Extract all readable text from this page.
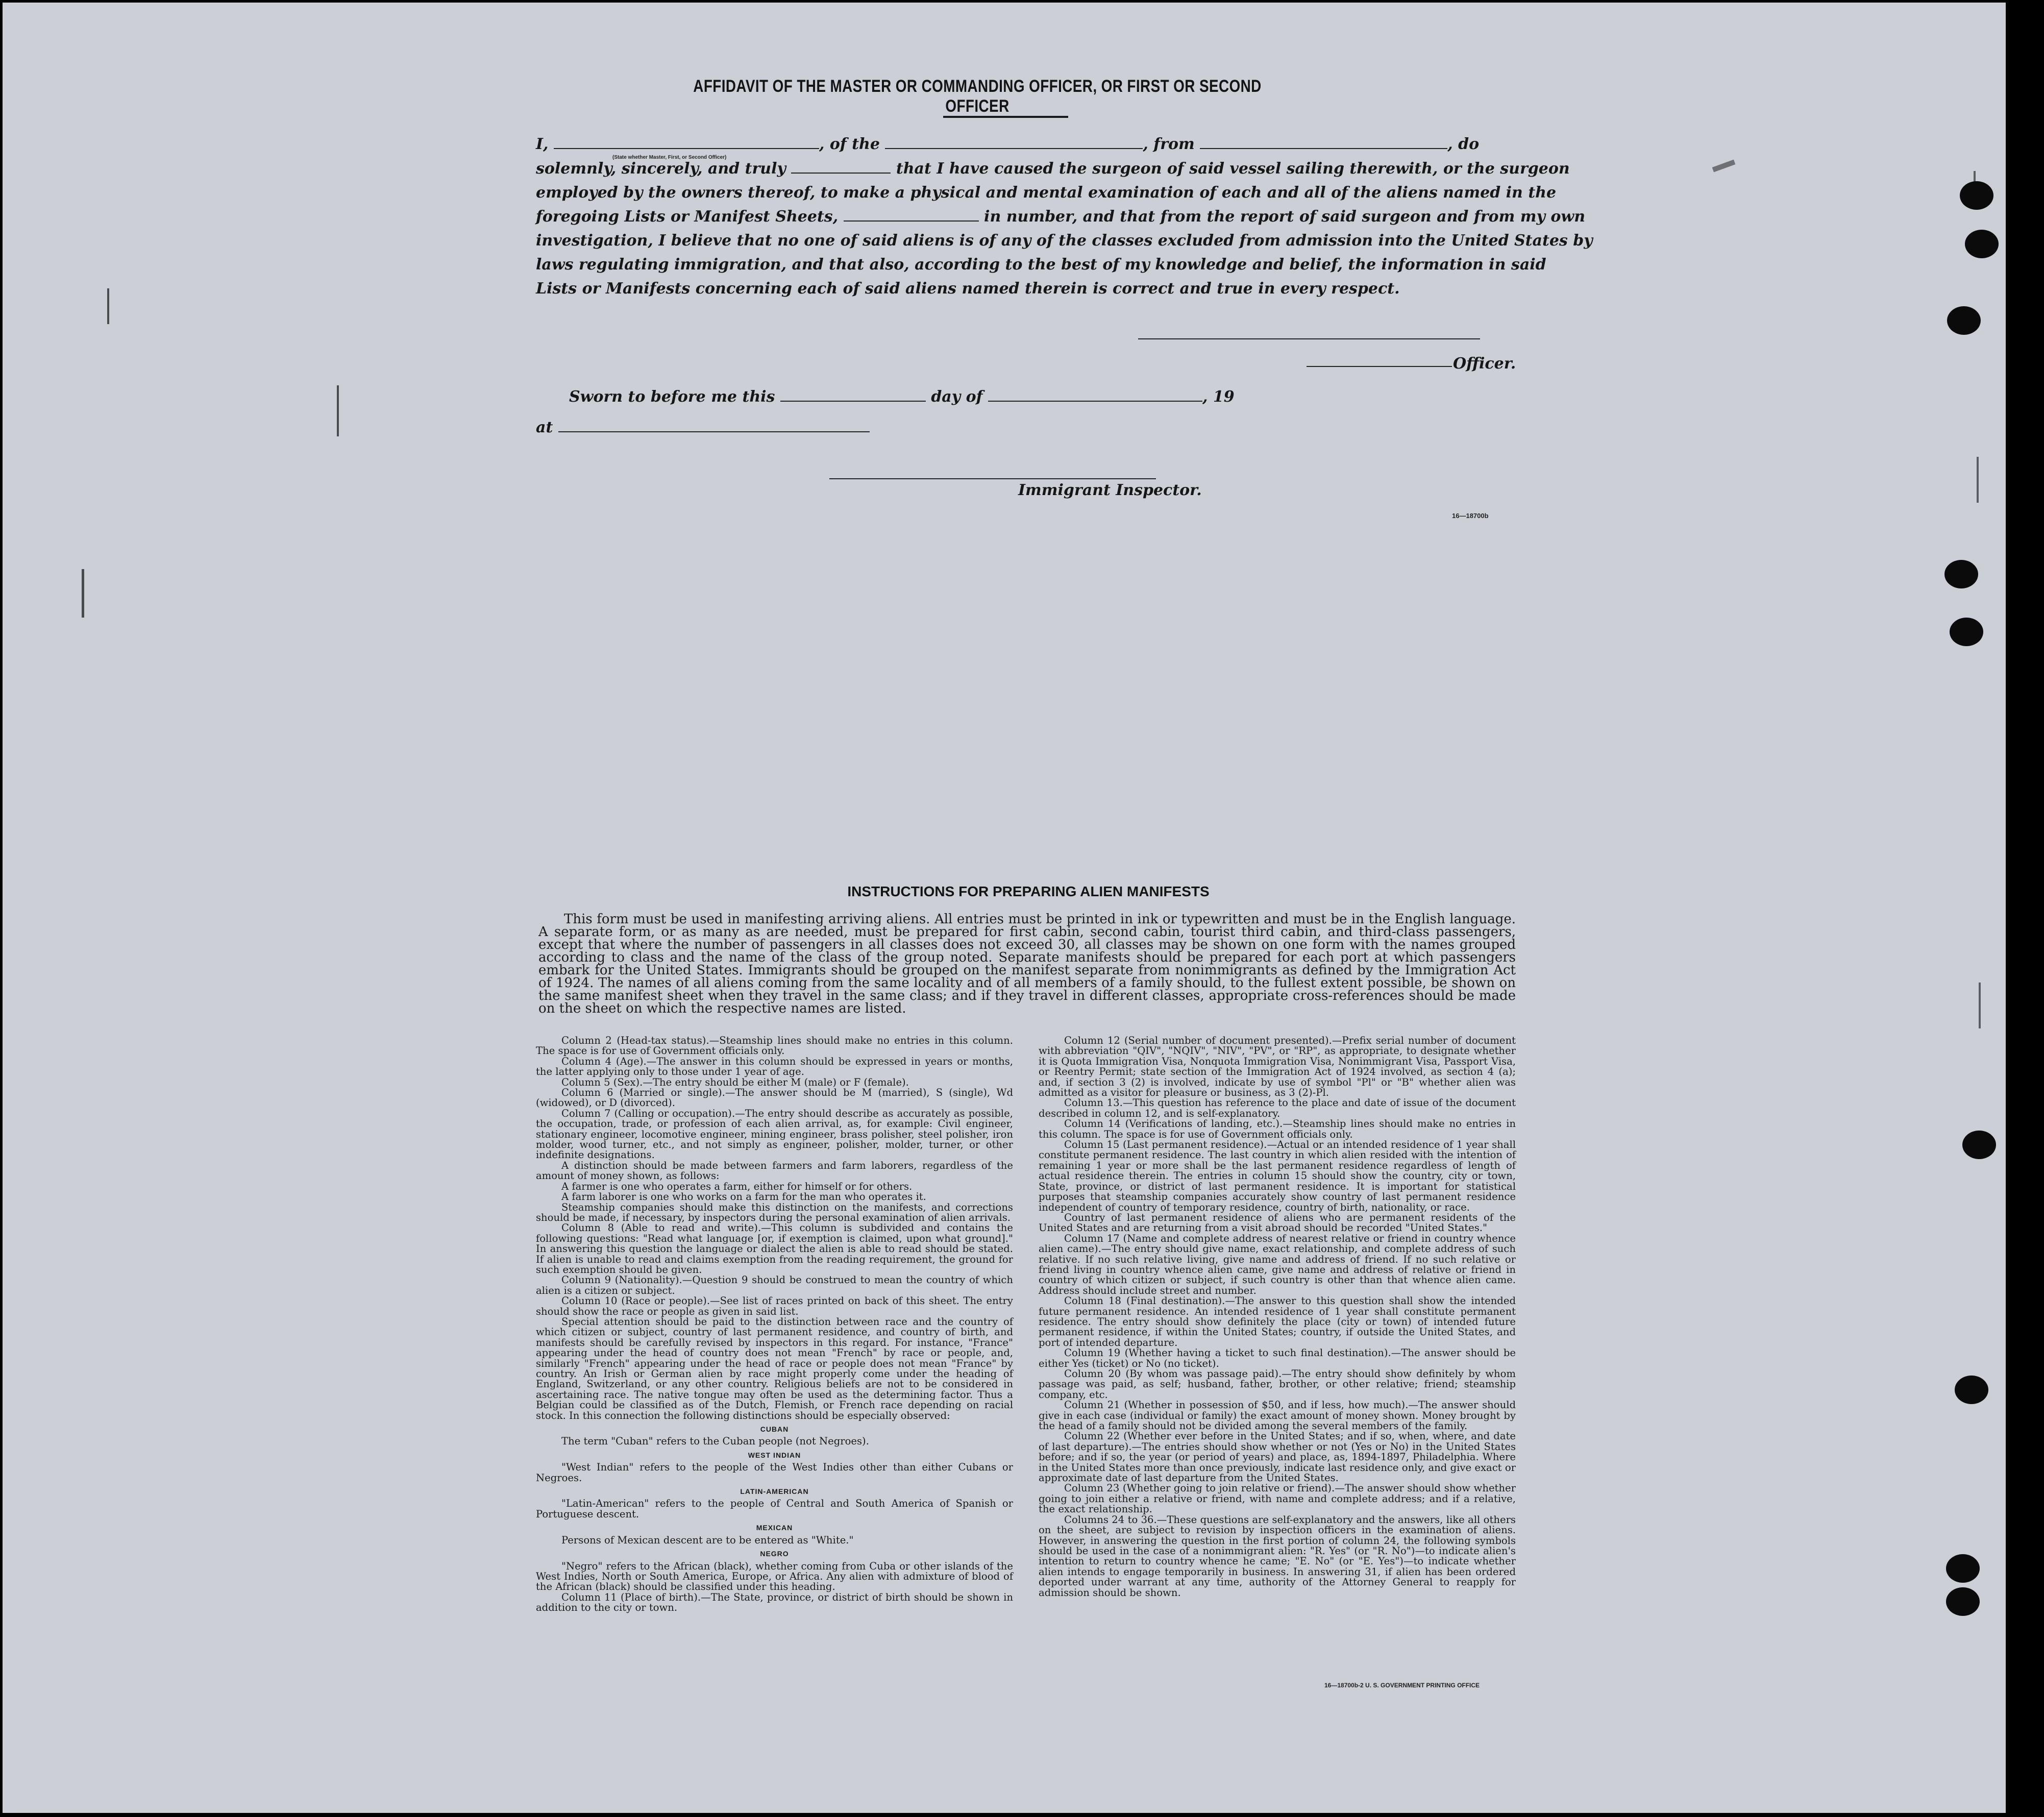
AFFIDAVIT OF THE MASTER OR COMMANDING OFFICER, OR FIRST OR SECOND OFFICER
I,	, of the	, from	, do
(State whether Master, First, or Second Officer)
solemnly, sincerely, and truly	that I have caused the surgeon of said vessel sailing therewith, or the surgeon
employed by the owners thereof, to make a physical and mental examination of each and all of the aliens named in the
foregoing Lists or Manifest Sheets,	in number, and that from the report of said surgeon and from my own
investigation, I believe that no one of said aliens is of any of the classes excluded from admission into the United States by
laws regulating immigration, and that also, according to the best of my knowledge and belief, the information in said
Lists or Manifests concerning each of said aliens named therein is correct and true in every respect.
Officer.
Sworn to before me this	day of	, 19
at
Immigrant Inspector.
16—18700b
INSTRUCTIONS FOR PREPARING ALIEN MANIFESTS
This form must be used in manifesting arriving aliens. All entries must be printed in ink or typewritten and must be in the English language. A separate form, or as many as are needed, must be prepared for first cabin, second cabin, tourist third cabin, and third-class passengers, except that where the number of passengers in all classes does not exceed 30, all classes may be shown on one form with the names grouped according to class and the name of the class of the group noted. Separate manifests should be prepared for each port at which passengers embark for the United States. Immigrants should be grouped on the manifest separate from nonimmigrants as defined by the Immigration Act of 1924. The names of all aliens coming from the same locality and of all members of a family should, to the fullest extent possible, be shown on the same manifest sheet when they travel in the same class; and if they travel in different classes, appropriate cross-references should be made on the sheet on which the respective names are listed.

Column 2 (Head-tax status).—Steamship lines should make no entries in this column. The space is for use of Government officials only.

Column 4 (Age).—The answer in this column should be expressed in years or months, the latter applying only to those under 1 year of age.

Column 5 (Sex).—The entry should be either M (male) or F (female).

Column 6 (Married or single).—The answer should be M (married), S (single), Wd (widowed), or D (divorced).

Column 7 (Calling or occupation).—The entry should describe as accurately as possible, the occupation, trade, or profession of each alien arrival, as, for example: Civil engineer, stationary engineer, locomotive engineer, mining engineer, brass polisher, steel polisher, iron molder, wood turner, etc., and not simply as engineer, polisher, molder, turner, or other indefinite designations.

A distinction should be made between farmers and farm laborers, regardless of the amount of money shown, as follows:

A farmer is one who operates a farm, either for himself or for others.

A farm laborer is one who works on a farm for the man who operates it.

Steamship companies should make this distinction on the manifests, and corrections should be made, if necessary, by inspectors during the personal examination of alien arrivals.

Column 8 (Able to read and write).—This column is subdivided and contains the following questions: "Read what language [or, if exemption is claimed, upon what ground]." In answering this question the language or dialect the alien is able to read should be stated. If alien is unable to read and claims exemption from the reading requirement, the ground for such exemption should be given.

Column 9 (Nationality).—Question 9 should be construed to mean the country of which alien is a citizen or subject.

Column 10 (Race or people).—See list of races printed on back of this sheet. The entry should show the race or people as given in said list.

Special attention should be paid to the distinction between race and the country of which citizen or subject, country of last permanent residence, and country of birth, and manifests should be carefully revised by inspectors in this regard. For instance, "France" appearing under the head of country does not mean "French" by race or people, and, similarly "French" appearing under the head of race or people does not mean "France" by country. An Irish or German alien by race might properly come under the heading of England, Switzerland, or any other country. Religious beliefs are not to be considered in ascertaining race. The native tongue may often be used as the determining factor. Thus a Belgian could be classified as of the Dutch, Flemish, or French race depending on racial stock. In this connection the following distinctions should be especially observed:

CUBAN

The term "Cuban" refers to the Cuban people (not Negroes).

WEST INDIAN

"West Indian" refers to the people of the West Indies other than either Cubans or Negroes.

LATIN-AMERICAN

"Latin-American" refers to the people of Central and South America of Spanish or Portuguese descent.

MEXICAN

Persons of Mexican descent are to be entered as "White."

NEGRO

"Negro" refers to the African (black), whether coming from Cuba or other islands of the West Indies, North or South America, Europe, or Africa. Any alien with admixture of blood of the African (black) should be classified under this heading.

Column 11 (Place of birth).—The State, province, or district of birth should be shown in addition to the city or town.

Column 12 (Serial number of document presented).—Prefix serial number of document with abbreviation "QIV", "NQIV", "NIV", "PV", or "RP", as appropriate, to designate whether it is Quota Immigration Visa, Nonquota Immigration Visa, Nonimmigrant Visa, Passport Visa, or Reentry Permit; state section of the Immigration Act of 1924 involved, as section 4 (a); and, if section 3 (2) is involved, indicate by use of symbol "Pl" or "B" whether alien was admitted as a visitor for pleasure or business, as 3 (2)-Pl.

Column 13.—This question has reference to the place and date of issue of the document described in column 12, and is self-explanatory.

Column 14 (Verifications of landing, etc.).—Steamship lines should make no entries in this column. The space is for use of Government officials only.

Column 15 (Last permanent residence).—Actual or an intended residence of 1 year shall constitute permanent residence. The last country in which alien resided with the intention of remaining 1 year or more shall be the last permanent residence regardless of length of actual residence therein. The entries in column 15 should show the country, city or town, State, province, or district of last permanent residence. It is important for statistical purposes that steamship companies accurately show country of last permanent residence independent of country of temporary residence, country of birth, nationality, or race.

Country of last permanent residence of aliens who are permanent residents of the United States and are returning from a visit abroad should be recorded "United States."

Column 17 (Name and complete address of nearest relative or friend in country whence alien came).—The entry should give name, exact relationship, and complete address of such relative. If no such relative living, give name and address of friend. If no such relative or friend living in country whence alien came, give name and address of relative or friend in country of which citizen or subject, if such country is other than that whence alien came. Address should include street and number.

Column 18 (Final destination).—The answer to this question shall show the intended future permanent residence. An intended residence of 1 year shall constitute permanent residence. The entry should show definitely the place (city or town) of intended future permanent residence, if within the United States; country, if outside the United States, and port of intended departure.

Column 19 (Whether having a ticket to such final destination).—The answer should be either Yes (ticket) or No (no ticket).

Column 20 (By whom was passage paid).—The entry should show definitely by whom passage was paid, as self; husband, father, brother, or other relative; friend; steamship company, etc.

Column 21 (Whether in possession of $50, and if less, how much).—The answer should give in each case (individual or family) the exact amount of money shown. Money brought by the head of a family should not be divided among the several members of the family.

Column 22 (Whether ever before in the United States; and if so, when, where, and date of last departure).—The entries should show whether or not (Yes or No) in the United States before; and if so, the year (or period of years) and place, as, 1894-1897, Philadelphia. Where in the United States more than once previously, indicate last residence only, and give exact or approximate date of last departure from the United States.

Column 23 (Whether going to join relative or friend).—The answer should show whether going to join either a relative or friend, with name and complete address; and if a relative, the exact relationship.

Columns 24 to 36.—These questions are self-explanatory and the answers, like all others on the sheet, are subject to revision by inspection officers in the examination of aliens. However, in answering the question in the first portion of column 24, the following symbols should be used in the case of a nonimmigrant alien: "R. Yes" (or "R. No")—to indicate alien's intention to return to country whence he came; "E. No" (or "E. Yes")—to indicate whether alien intends to engage temporarily in business. In answering 31, if alien has been ordered deported under warrant at any time, authority of the Attorney General to reapply for admission should be shown.

16—18700b-2 U. S. GOVERNMENT PRINTING OFFICE
